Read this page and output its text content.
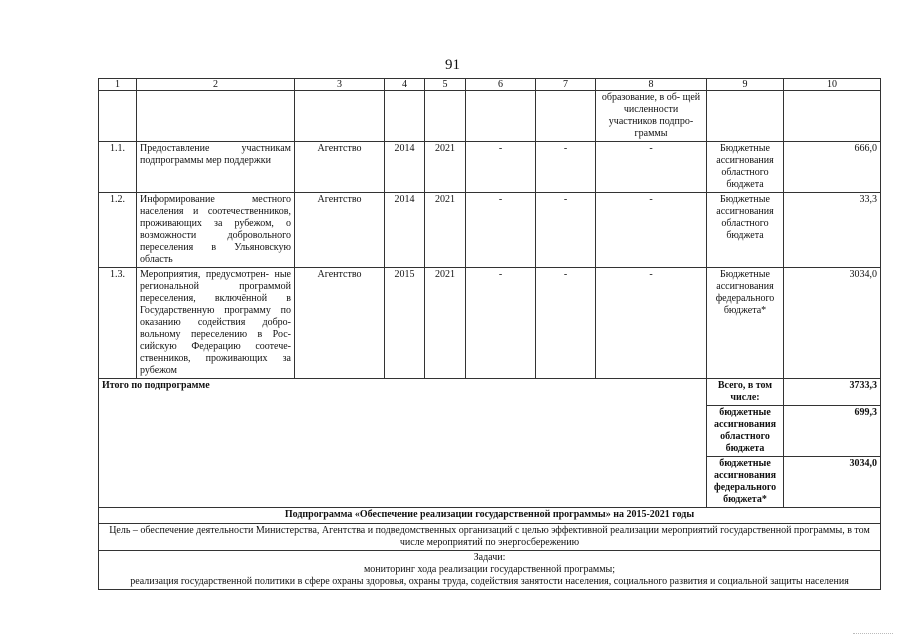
91
1	2	3	4	5	6	7	8	9	10
							образование, в об- щей численности участников подпро- граммы		
1.1.	Предоставление участникам подпрограммы мер поддержки	Агентство	2014	2021	-	-	-	Бюджетные ассигнования областного бюджета	666,0
1.2.	Информирование местного населения и соотечественников, проживающих за рубежом, о возможности добровольного переселения в Ульяновскую область	Агентство	2014	2021	-	-	-	Бюджетные ассигнования областного бюджета	33,3
1.3.	Мероприятия, предусмотрен- ные региональной программой переселения, включённой в Государственную программу по оказанию содействия добро- вольному переселению в Рос- сийскую Федерацию соотече- ственников, проживающих за рубежом	Агентство	2015	2021	-	-	-	Бюджетные ассигнования федерального бюджета*	3034,0
Итого по подпрограмме								Всего, в том числе:	3733,3
								бюджетные ассигнования областного бюджета	699,3
								бюджетные ассигнования федерального бюджета*	3034,0
Подпрограмма «Обеспечение реализации государственной программы» на 2015-2021 годы									
Цель – обеспечение деятельности Министерства, Агентства и подведомственных организаций с целью эффективной реализации мероприятий государственной программы, в том числе мероприятий по энергосбережению									

Задачи:
мониторинг хода реализации государственной программы;
реализация государственной политики в сфере охраны здоровья, охраны труда, содействия занятости населения, социального развития и социальной защиты населения									
